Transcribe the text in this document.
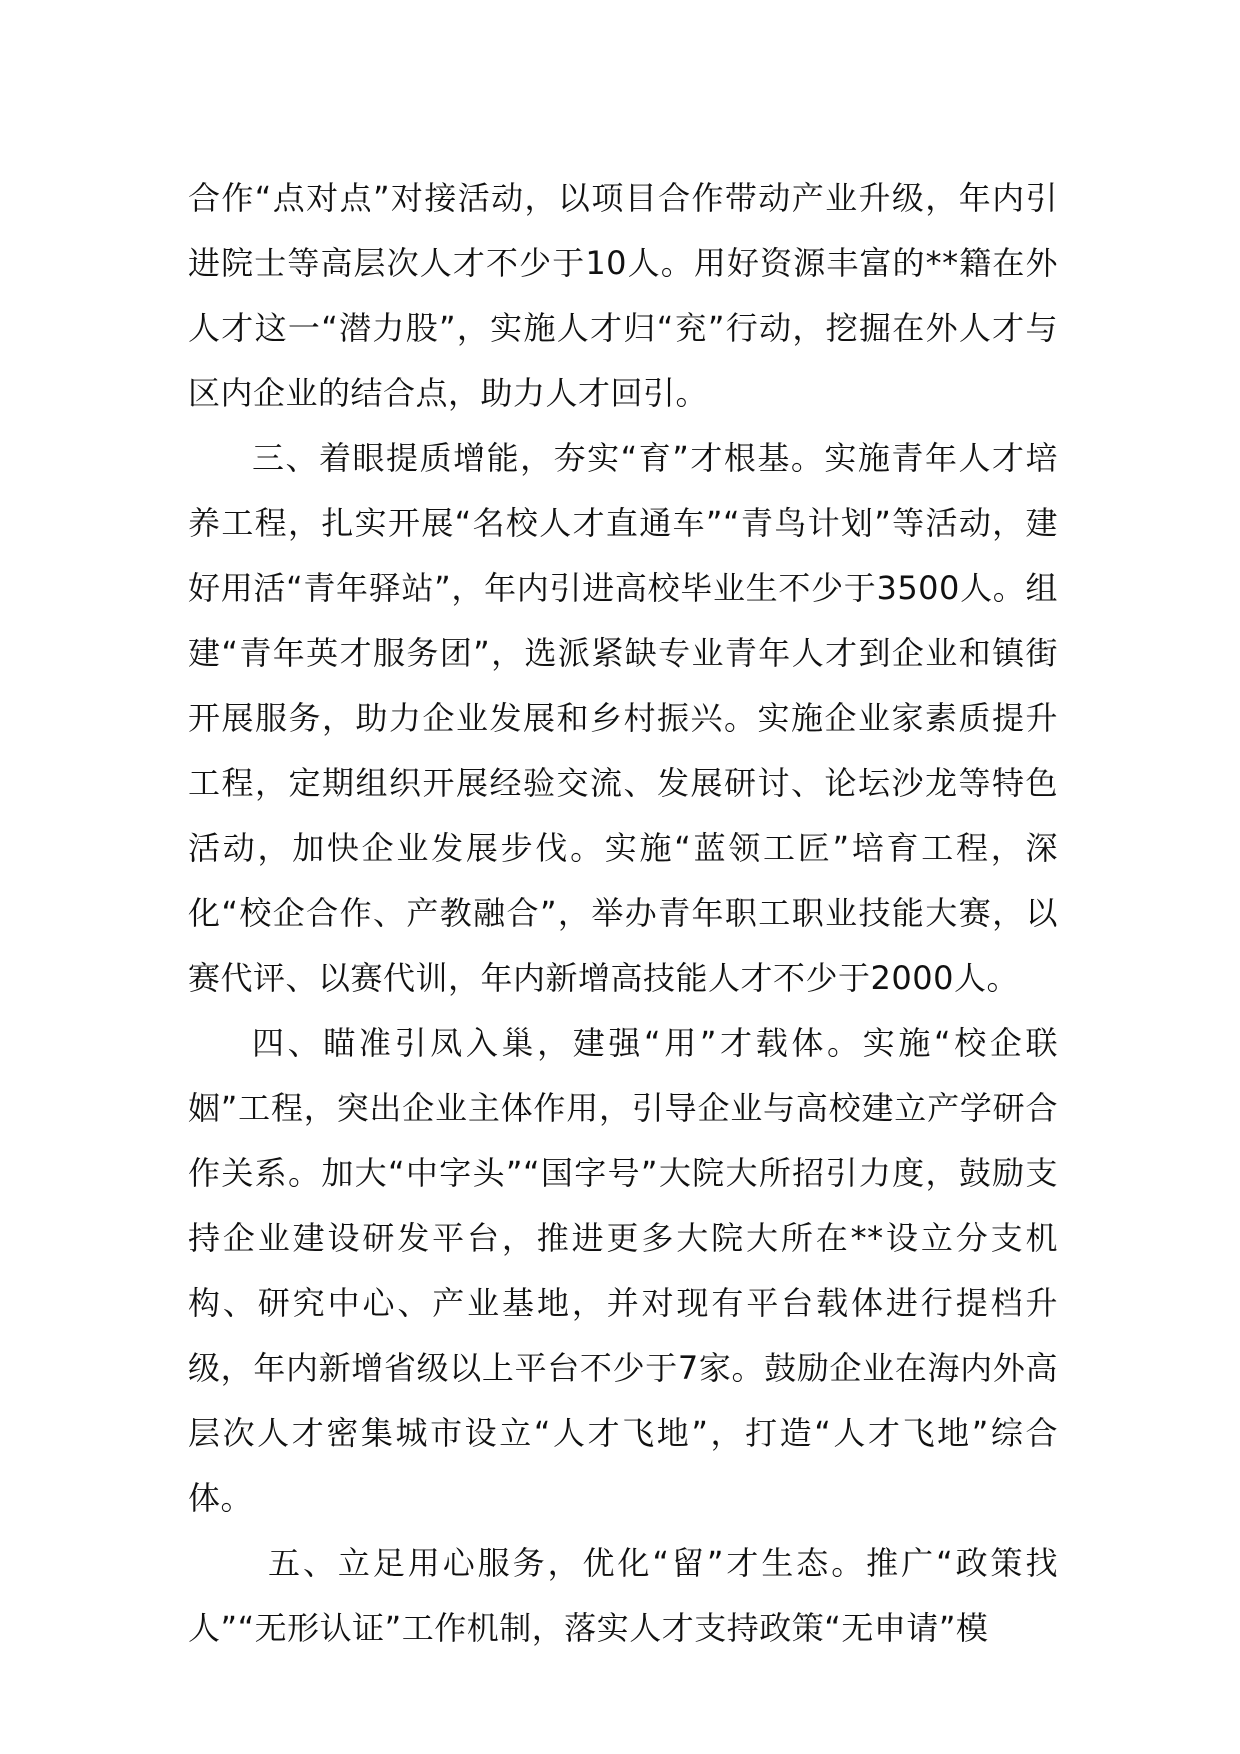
合作“点对点”对接活动，以项目合作带动产业升级，年内引进院士等高层次人才不少于10人。用好资源丰富的**籍在外人才这一“潜力股”，实施人才归“兖”行动，挖掘在外人才与区内企业的结合点，助力人才回引。

三、着眼提质增能，夯实“育”才根基。实施青年人才培养工程，扎实开展“名校人才直通车”“青鸟计划”等活动，建好用活“青年驿站”，年内引进高校毕业生不少于3500人。组建“青年英才服务团”，选派紧缺专业青年人才到企业和镇街开展服务，助力企业发展和乡村振兴。实施企业家素质提升工程，定期组织开展经验交流、发展研讨、论坛沙龙等特色活动，加快企业发展步伐。实施“蓝领工匠”培育工程，深化“校企合作、产教融合”，举办青年职工职业技能大赛，以赛代评、以赛代训，年内新增高技能人才不少于2000人。

四、瞄准引凤入巢，建强“用”才载体。实施“校企联姻”工程，突出企业主体作用，引导企业与高校建立产学研合作关系。加大“中字头”“国字号”大院大所招引力度，鼓励支持企业建设研发平台，推进更多大院大所在**设立分支机构、研究中心、产业基地，并对现有平台载体进行提档升级，年内新增省级以上平台不少于7家。鼓励企业在海内外高层次人才密集城市设立“人才飞地”，打造“人才飞地”综合体。

五、立足用心服务，优化“留”才生态。推广“政策找人”“无形认证”工作机制，落实人才支持政策“无申请”模
